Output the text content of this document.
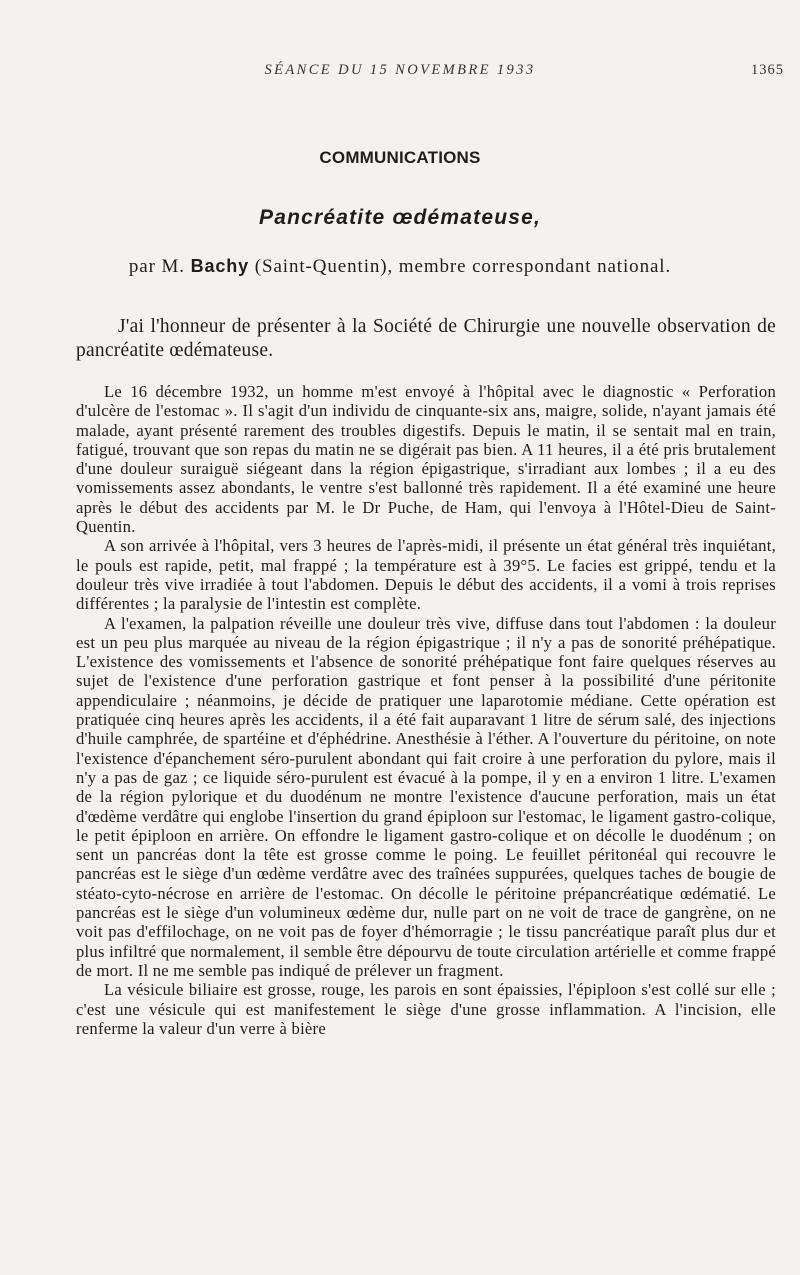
SÉANCE DU 15 NOVEMBRE 1933	1365
COMMUNICATIONS
Pancréatite œdémateuse,
par M. Bachy (Saint-Quentin), membre correspondant national.

J'ai l'honneur de présenter à la Société de Chirurgie une nouvelle observation de pancréatite œdémateuse.

Le 16 décembre 1932, un homme m'est envoyé à l'hôpital avec le diagnostic « Perforation d'ulcère de l'estomac ». Il s'agit d'un individu de cinquante-six ans, maigre, solide, n'ayant jamais été malade, ayant présenté rarement des troubles digestifs. Depuis le matin, il se sentait mal en train, fatigué, trouvant que son repas du matin ne se digérait pas bien. A 11 heures, il a été pris brutalement d'une douleur suraiguë siégeant dans la région épigastrique, s'irradiant aux lombes ; il a eu des vomissements assez abondants, le ventre s'est ballonné très rapidement. Il a été examiné une heure après le début des accidents par M. le Dr Puche, de Ham, qui l'envoya à l'Hôtel-Dieu de Saint-Quentin.

A son arrivée à l'hôpital, vers 3 heures de l'après-midi, il présente un état général très inquiétant, le pouls est rapide, petit, mal frappé ; la température est à 39°5. Le facies est grippé, tendu et la douleur très vive irradiée à tout l'abdomen. Depuis le début des accidents, il a vomi à trois reprises différentes ; la paralysie de l'intestin est complète.

A l'examen, la palpation réveille une douleur très vive, diffuse dans tout l'abdomen : la douleur est un peu plus marquée au niveau de la région épigastrique ; il n'y a pas de sonorité préhépatique. L'existence des vomissements et l'absence de sonorité préhépatique font faire quelques réserves au sujet de l'existence d'une perforation gastrique et font penser à la possibilité d'une péritonite appendiculaire ; néanmoins, je décide de pratiquer une laparotomie médiane. Cette opération est pratiquée cinq heures après les accidents, il a été fait auparavant 1 litre de sérum salé, des injections d'huile camphrée, de spartéine et d'éphédrine. Anesthésie à l'éther. A l'ouverture du péritoine, on note l'existence d'épanchement séro-purulent abondant qui fait croire à une perforation du pylore, mais il n'y a pas de gaz ; ce liquide séro-purulent est évacué à la pompe, il y en a environ 1 litre. L'examen de la région pylorique et du duodénum ne montre l'existence d'aucune perforation, mais un état d'œdème verdâtre qui englobe l'insertion du grand épiploon sur l'estomac, le ligament gastro-colique, le petit épiploon en arrière. On effondre le ligament gastro-colique et on décolle le duodénum ; on sent un pancréas dont la tête est grosse comme le poing. Le feuillet péritonéal qui recouvre le pancréas est le siège d'un œdème verdâtre avec des traînées suppurées, quelques taches de bougie de stéato-cyto-nécrose en arrière de l'estomac. On décolle le péritoine prépancréatique œdématié. Le pancréas est le siège d'un volumineux œdème dur, nulle part on ne voit de trace de gangrène, on ne voit pas d'effilochage, on ne voit pas de foyer d'hémorragie ; le tissu pancréatique paraît plus dur et plus infiltré que normalement, il semble être dépourvu de toute circulation artérielle et comme frappé de mort. Il ne me semble pas indiqué de prélever un fragment.

La vésicule biliaire est grosse, rouge, les parois en sont épaissies, l'épiploon s'est collé sur elle ; c'est une vésicule qui est manifestement le siège d'une grosse inflammation. A l'incision, elle renferme la valeur d'un verre à bière
